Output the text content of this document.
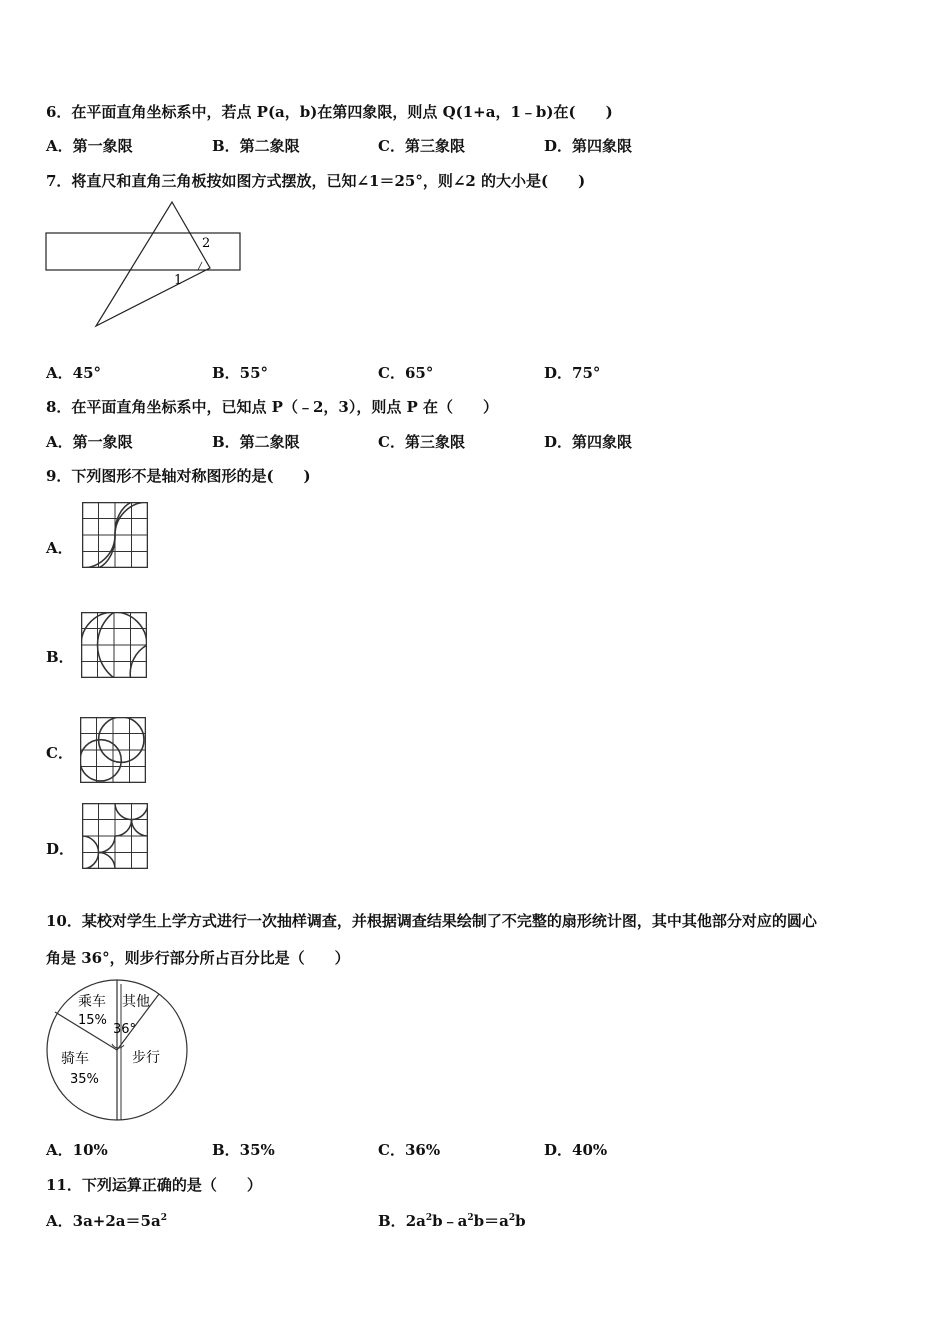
6．在平面直角坐标系中，若点 P(a，b)在第四象限，则点 Q(1+a，1﹣b)在(　　)
A．第一象限	B．第二象限	C．第三象限	D．第四象限
7．将直尺和直角三角板按如图方式摆放，已知∠1＝25°，则∠2 的大小是(　　)
1
2
A．45°	B．55°	C．65°	D．75°
8．在平面直角坐标系中，已知点 P（﹣2，3），则点 P 在（　　）
A．第一象限	B．第二象限	C．第三象限	D．第四象限
9．下列图形不是轴对称图形的是(　　)
A．
B．
C．
D．
10．某校对学生上学方式进行一次抽样调查，并根据调查结果绘制了不完整的扇形统计图，其中其他部分对应的圆心
角是 36°，则步行部分所占百分比是（　　）
乘车
15%
其他
36°
步行
骑车
35%
A．10%	B．35%	C．36%	D．40%
11．下列运算正确的是（　　）
A．$3a+2a=5a^2$	B．$2a^2b﹣a^2b=a^2b$
